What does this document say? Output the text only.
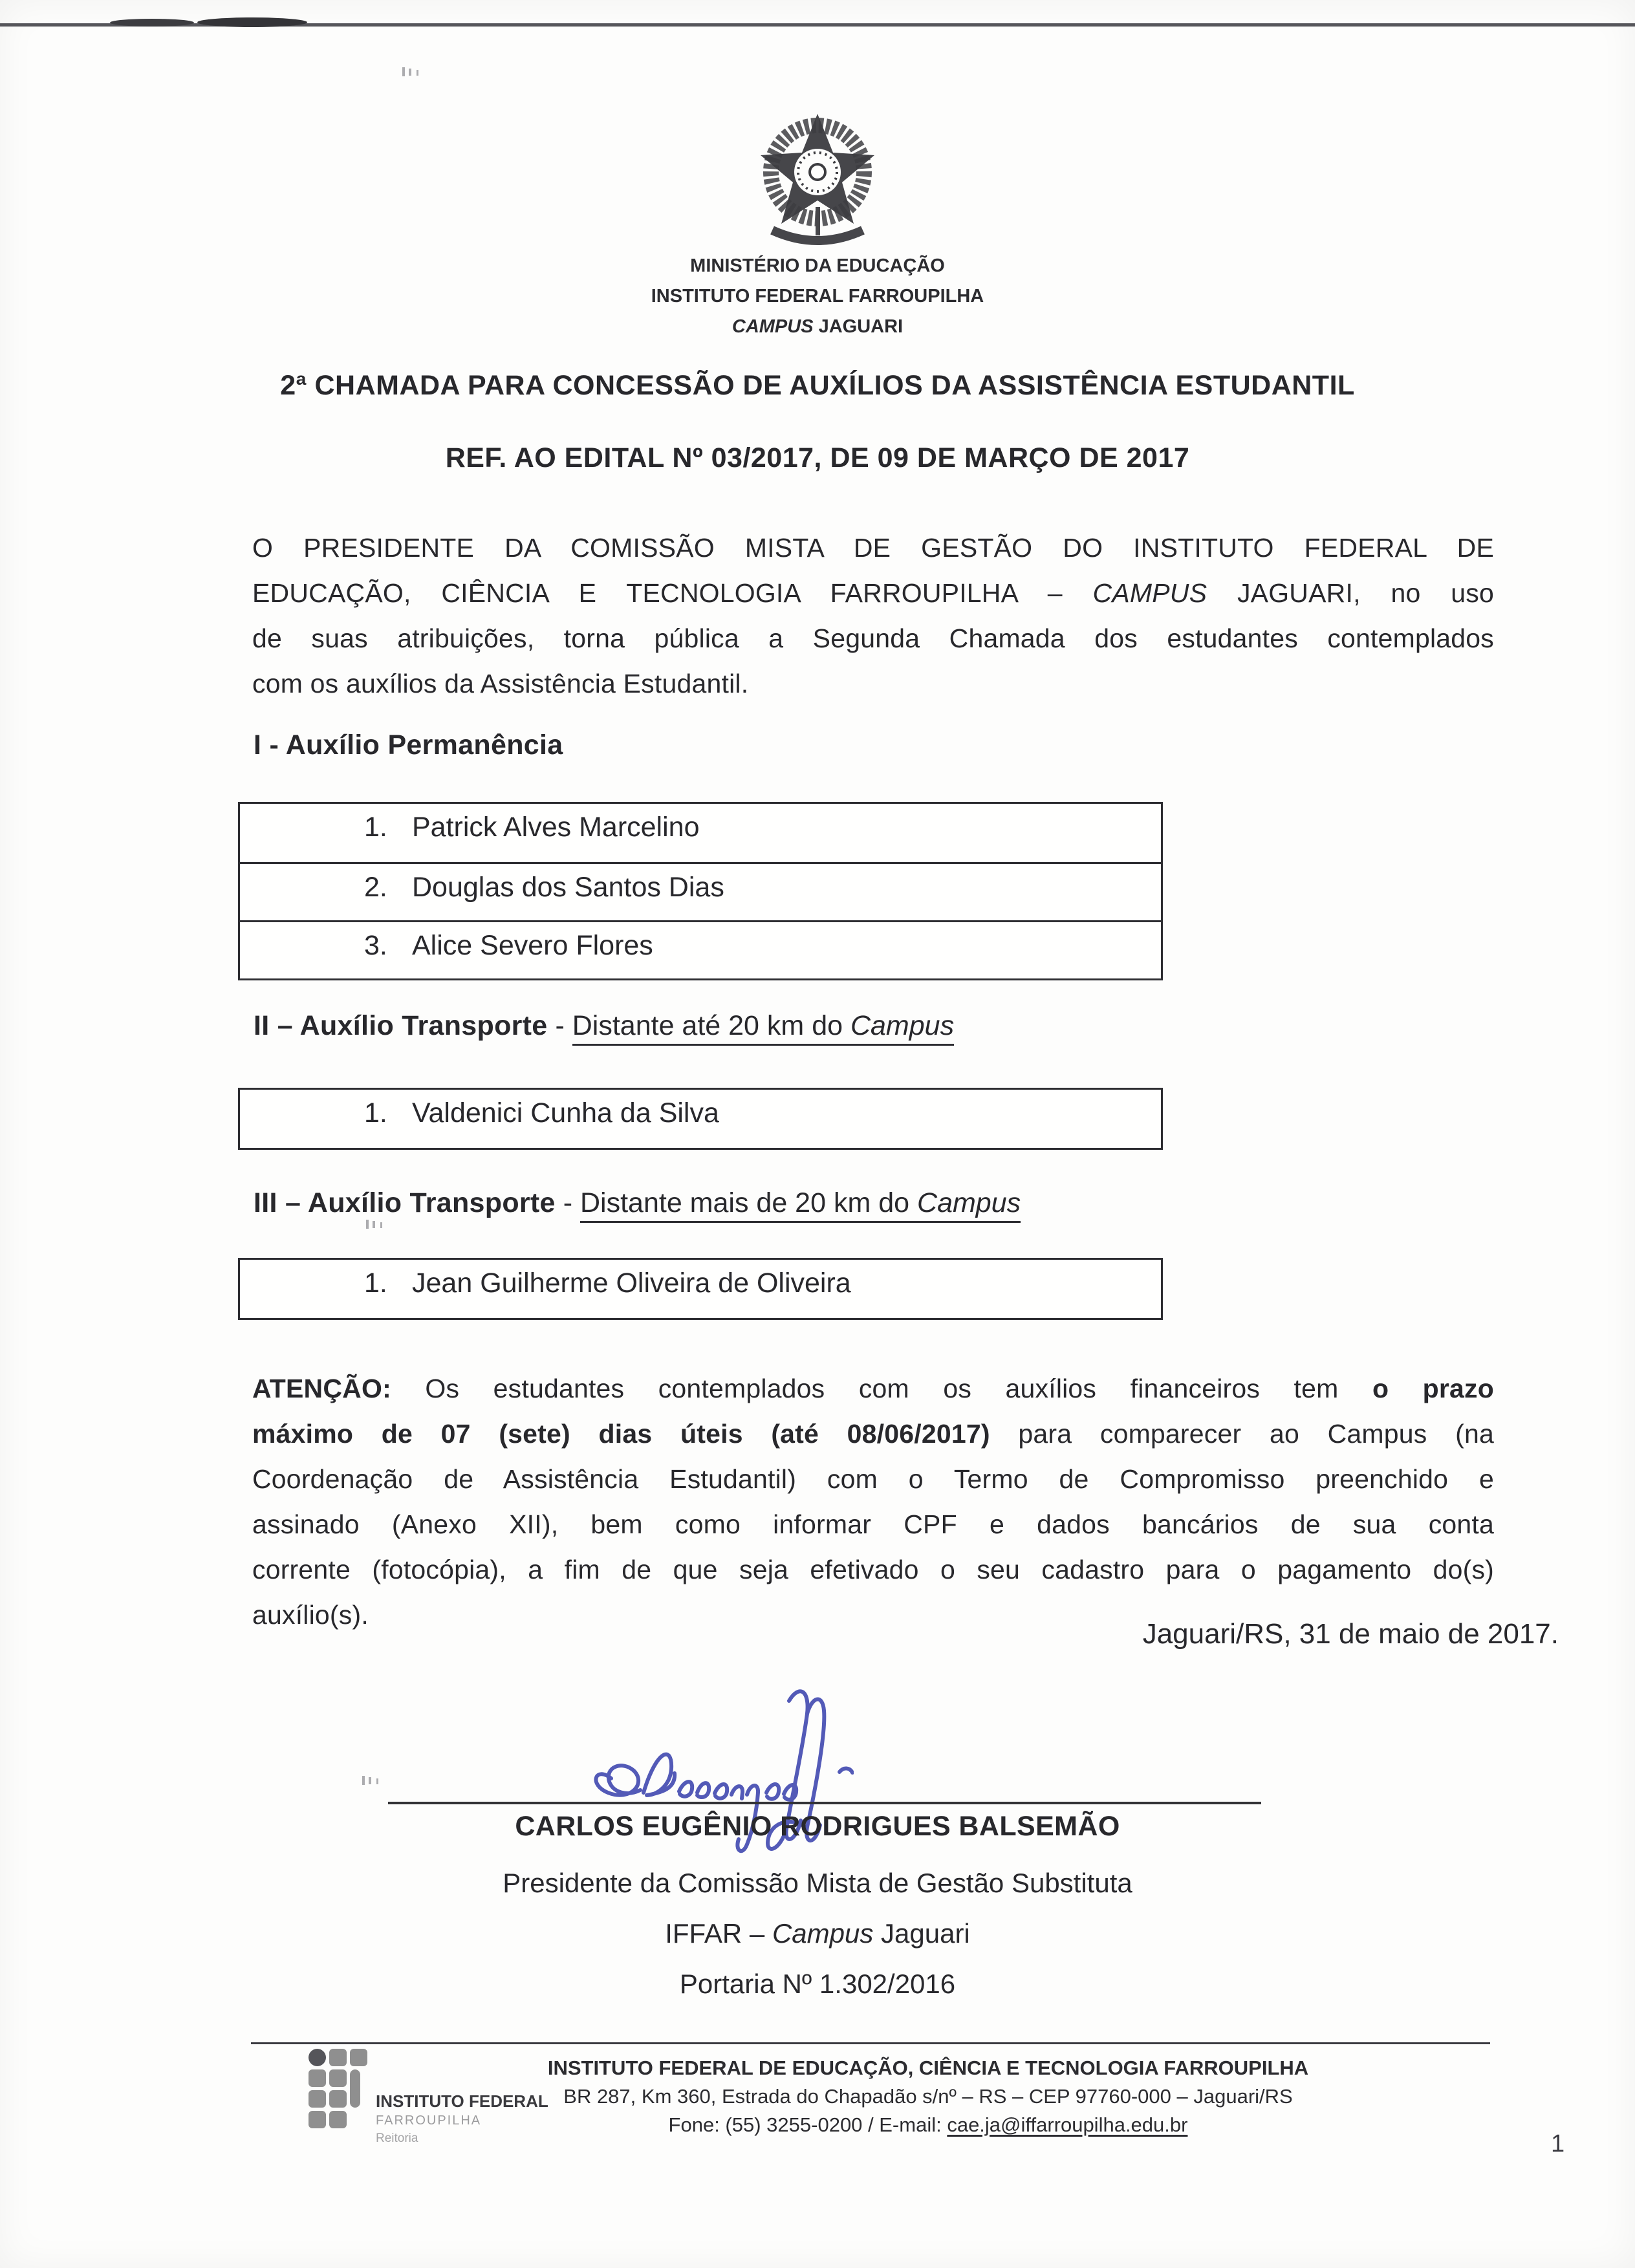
MINISTÉRIO DA EDUCAÇÃO
INSTITUTO FEDERAL FARROUPILHA
CAMPUS JAGUARI
2ª CHAMADA PARA CONCESSÃO DE AUXÍLIOS DA ASSISTÊNCIA ESTUDANTIL
REF. AO EDITAL Nº 03/2017, DE 09 DE MARÇO DE 2017
O PRESIDENTE DA COMISSÃO MISTA DE GESTÃO DO INSTITUTO FEDERAL DE
EDUCAÇÃO, CIÊNCIA E TECNOLOGIA FARROUPILHA – CAMPUS JAGUARI, no uso
de suas atribuições, torna pública a Segunda Chamada dos estudantes contemplados
com os auxílios da Assistência Estudantil.
I - Auxílio Permanência
1. Patrick Alves Marcelino
2. Douglas dos Santos Dias
3. Alice Severo Flores
II – Auxílio Transporte - Distante até 20 km do Campus
1. Valdenici Cunha da Silva
III – Auxílio Transporte - Distante mais de 20 km do Campus
1. Jean Guilherme Oliveira de Oliveira
ATENÇÃO: Os estudantes contemplados com os auxílios financeiros tem o prazo
máximo de 07 (sete) dias úteis (até 08/06/2017) para comparecer ao Campus (na
Coordenação de Assistência Estudantil) com o Termo de Compromisso preenchido e
assinado (Anexo XII), bem como informar CPF e dados bancários de sua conta
corrente (fotocópia), a fim de que seja efetivado o seu cadastro para o pagamento do(s)
auxílio(s).
Jaguari/RS, 31 de maio de 2017.
CARLOS EUGÊNIO RODRIGUES BALSEMÃO
Presidente da Comissão Mista de Gestão Substituta
IFFAR – Campus Jaguari
Portaria Nº 1.302/2016
INSTITUTO FEDERAL
FARROUPILHA
Reitoria
INSTITUTO FEDERAL DE EDUCAÇÃO, CIÊNCIA E TECNOLOGIA FARROUPILHA
BR 287, Km 360, Estrada do Chapadão s/nº – RS – CEP 97760-000 – Jaguari/RS
Fone: (55) 3255-0200 / E-mail: cae.ja@iffarroupilha.edu.br
1
